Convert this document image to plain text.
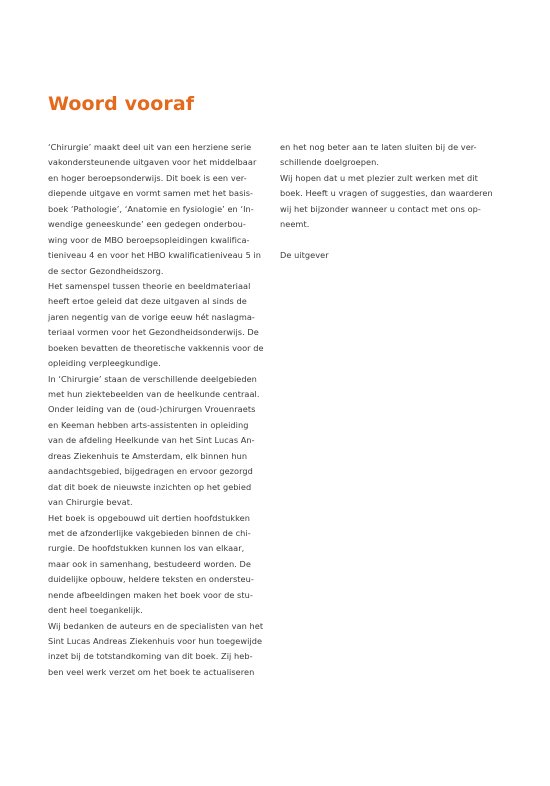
Woord vooraf
‘Chirurgie’ maakt deel uit van een herziene serie
vakondersteunende uitgaven voor het middelbaar
en hoger beroepsonderwijs. Dit boek is een ver-
diepende uitgave en vormt samen met het basis-
boek ‘Pathologie’, ‘Anatomie en fysiologie’ en ‘In-
wendige geneeskunde’ een gedegen onderbou-
wing voor de MBO beroepsopleidingen kwalifica-
tieniveau 4 en voor het HBO kwalificatieniveau 5 in
de sector Gezondheidszorg.
Het samenspel tussen theorie en beeldmateriaal
heeft ertoe geleid dat deze uitgaven al sinds de
jaren negentig van de vorige eeuw hét naslagma-
teriaal vormen voor het Gezondheidsonderwijs. De
boeken bevatten de theoretische vakkennis voor de
opleiding verpleegkundige.
In ‘Chirurgie’ staan de verschillende deelgebieden
met hun ziektebeelden van de heelkunde centraal.
Onder leiding van de (oud-)chirurgen Vrouenraets
en Keeman hebben arts-assistenten in opleiding
van de afdeling Heelkunde van het Sint Lucas An-
dreas Ziekenhuis te Amsterdam, elk binnen hun
aandachtsgebied, bijgedragen en ervoor gezorgd
dat dit boek de nieuwste inzichten op het gebied
van Chirurgie bevat.
Het boek is opgebouwd uit dertien hoofdstukken
met de afzonderlijke vakgebieden binnen de chi-
rurgie. De hoofdstukken kunnen los van elkaar,
maar ook in samenhang, bestudeerd worden. De
duidelijke opbouw, heldere teksten en onderstеu-
nende afbeeldingen maken het boek voor de stu-
dent heel toegankelijk.
Wij bedanken de auteurs en de specialisten van het
Sint Lucas Andreas Ziekenhuis voor hun toegewijde
inzet bij de totstandkoming van dit boek. Zij heb-
ben veel werk verzet om het boek te actualiseren
en het nog beter aan te laten sluiten bij de ver-
schillende doelgroepen.
Wij hopen dat u met plezier zult werken met dit
boek. Heeft u vragen of suggesties, dan waarderen
wij het bijzonder wanneer u contact met ons op-
neemt.
De uitgever
